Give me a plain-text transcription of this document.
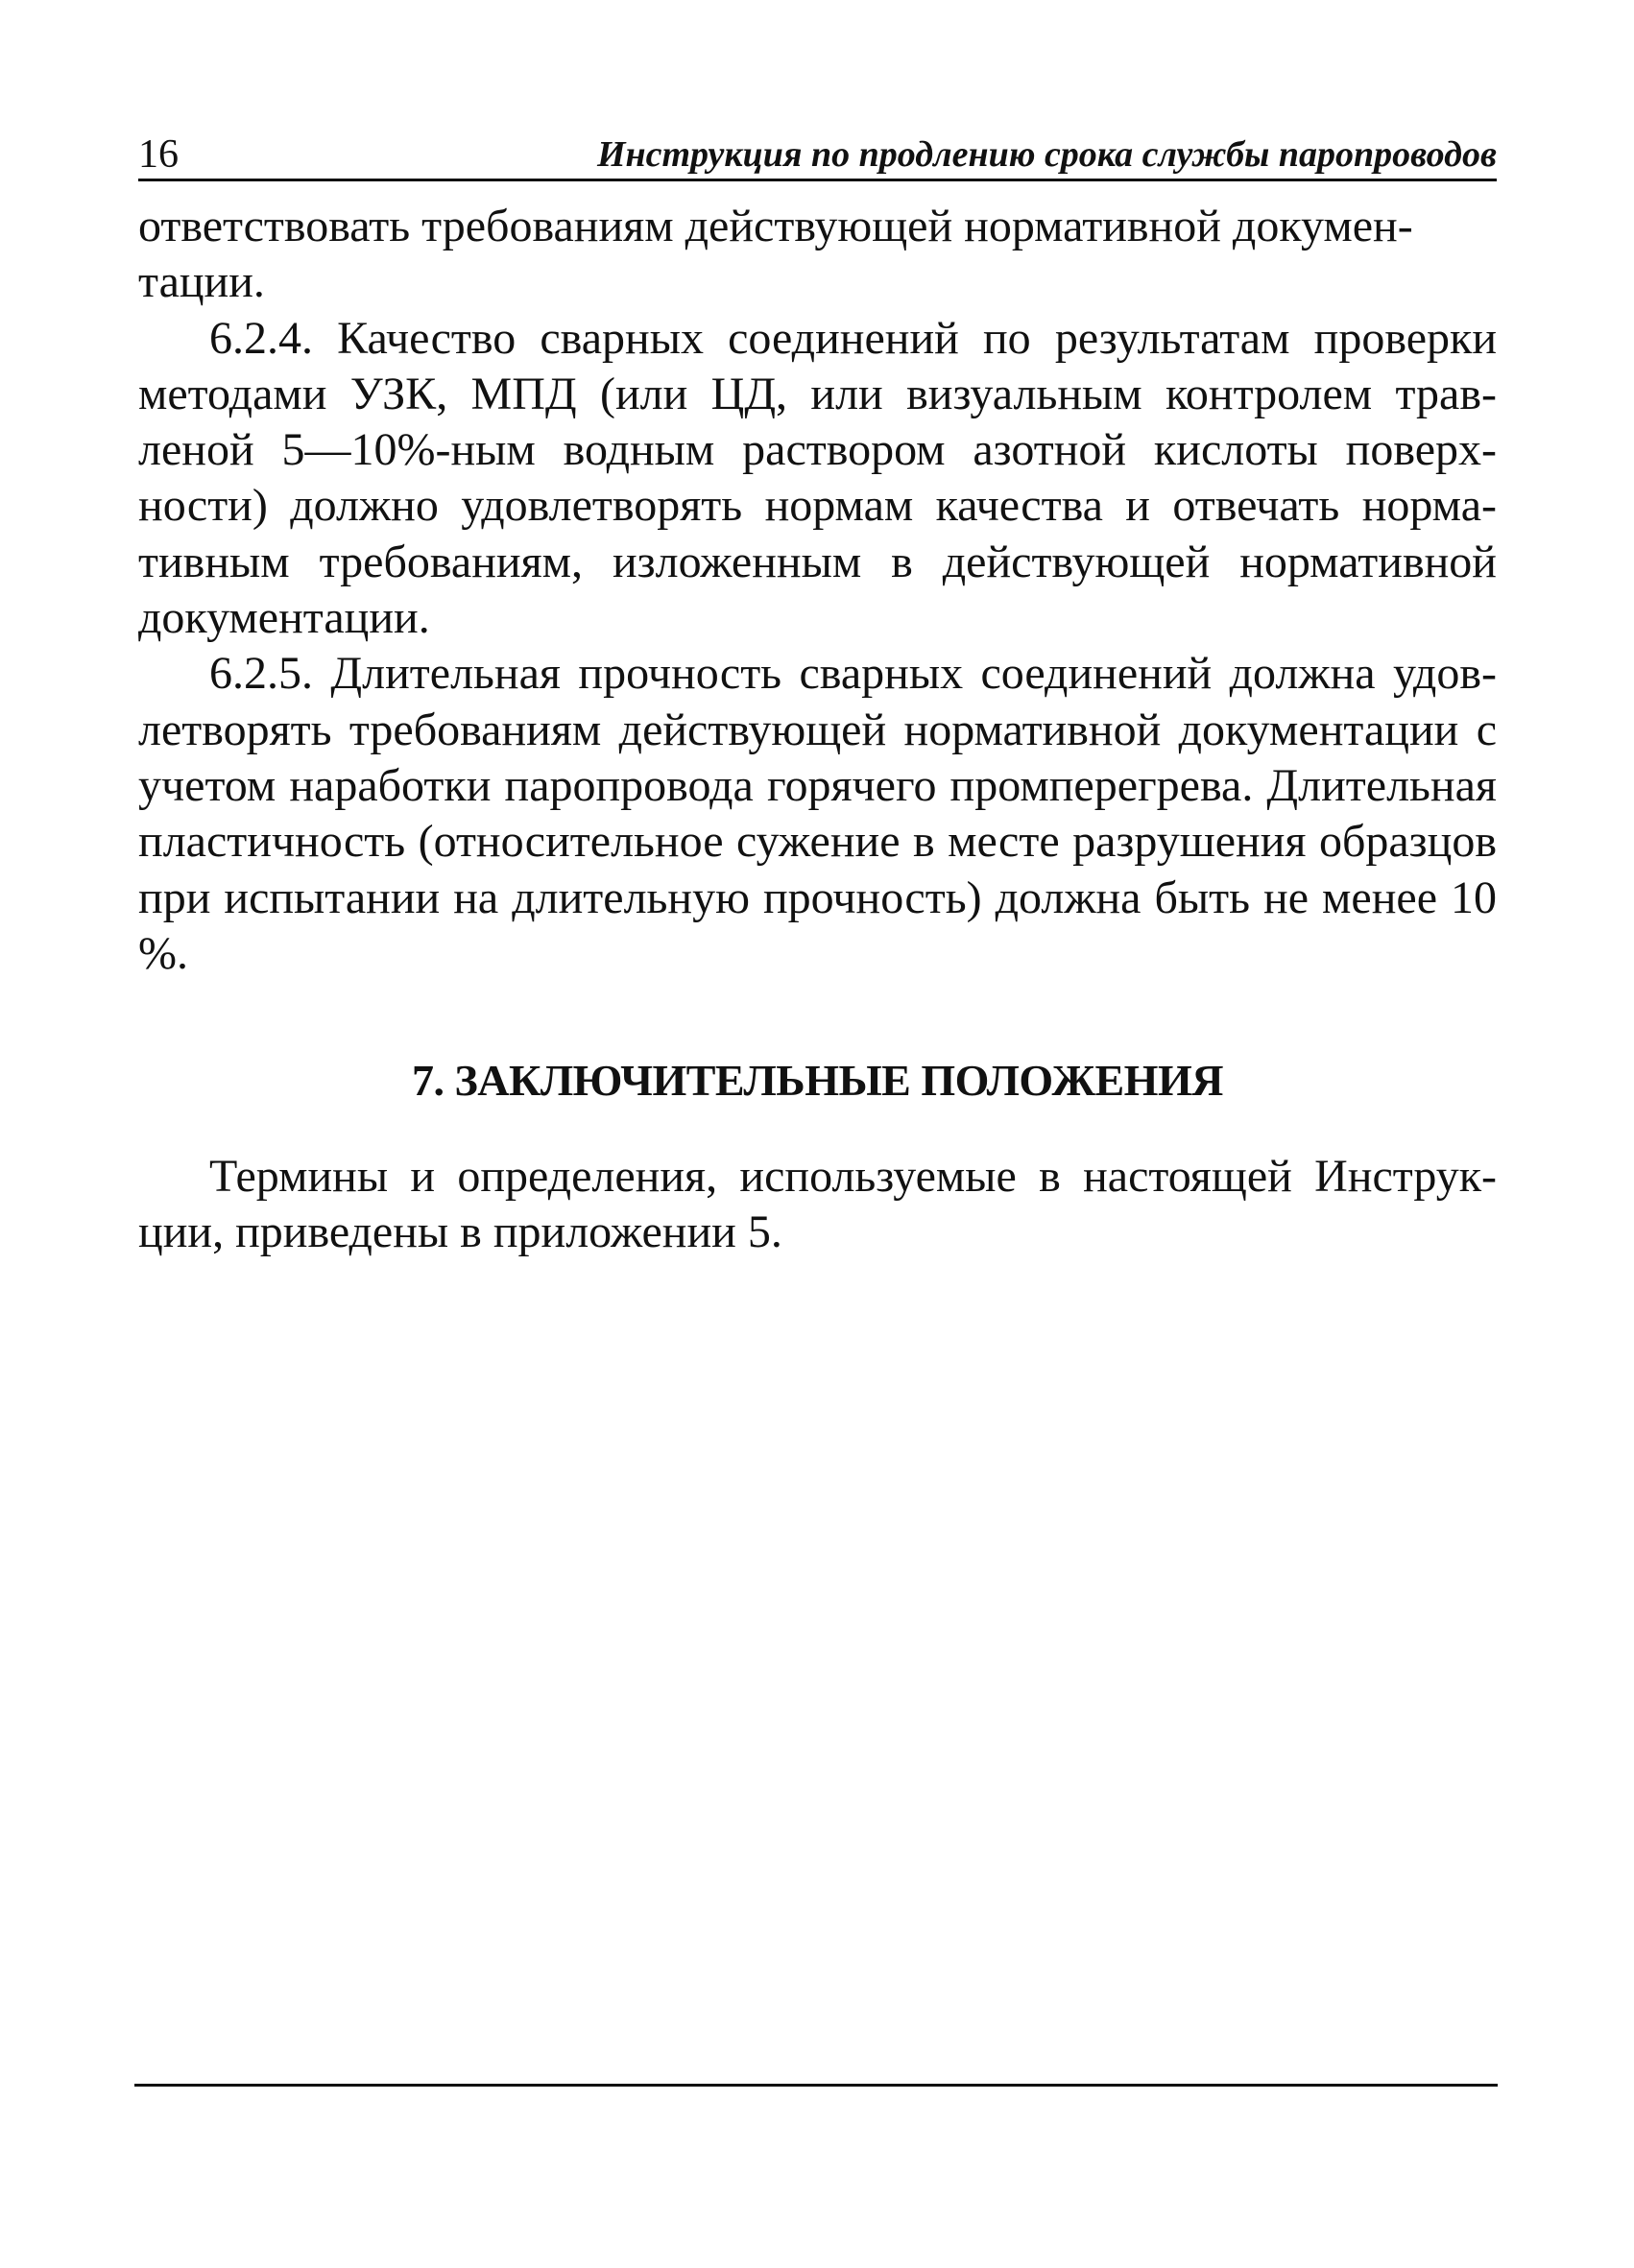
16	Инструкция по продлению срока службы паропроводов

ответствовать требованиям действующей нормативной докумен-
тации.

6.2.4. Качество сварных соединений по результатам проверки методами УЗК, МПД (или ЦД, или визуальным контролем травленой 5—10%-ным водным раствором азотной кислоты поверхности) должно удовлетворять нормам качества и отвечать нормативным требованиям, изложенным в действующей нормативной документации.

6.2.5. Длительная прочность сварных соединений должна удовлетворять требованиям действующей нормативной документации с учетом наработки паропровода горячего промперегрева. Длительная пластичность (относительное сужение в месте разрушения образцов при испытании на длительную прочность) должна быть не менее 10 %.

7. ЗАКЛЮЧИТЕЛЬНЫЕ ПОЛОЖЕНИЯ

Термины и определения, используемые в настоящей Инструкции, приведены в приложении 5.
